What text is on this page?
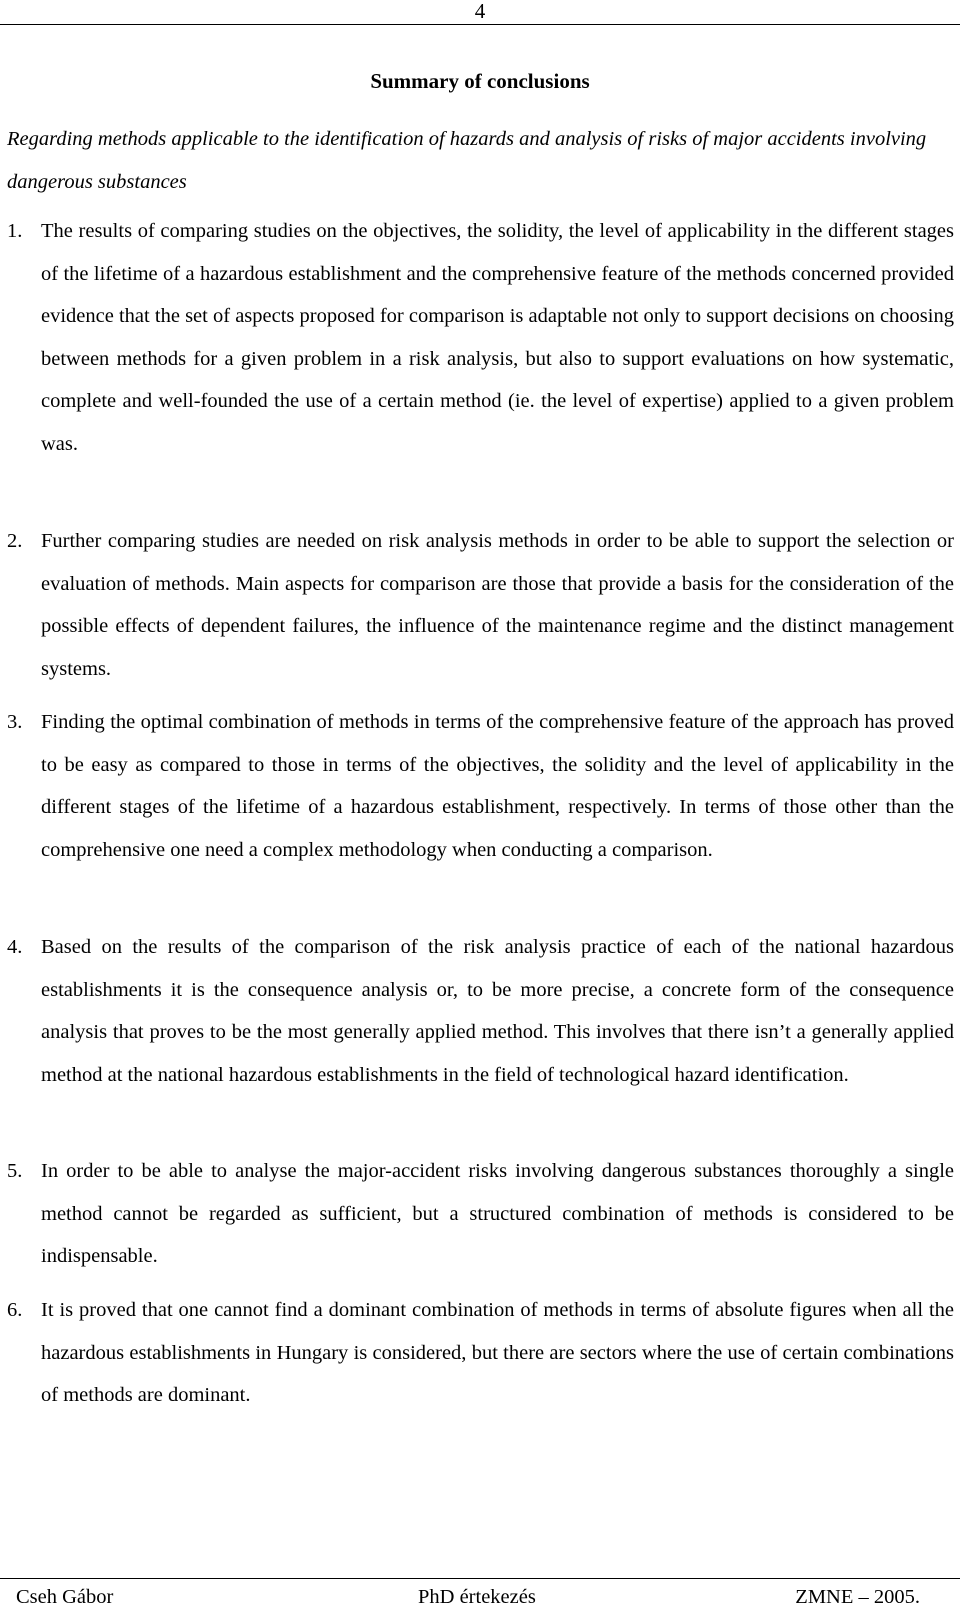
4
Summary of conclusions
Regarding methods applicable to the identification of hazards and analysis of risks of major accidents involving dangerous substances
1. The results of comparing studies on the objectives, the solidity, the level of applicability in the different stages of the lifetime of a hazardous establishment and the comprehensive feature of the methods concerned provided evidence that the set of aspects proposed for comparison is adaptable not only to support decisions on choosing between methods for a given problem in a risk analysis, but also to support evaluations on how systematic, complete and well-founded the use of a certain method (ie. the level of expertise) applied to a given problem was.
2. Further comparing studies are needed on risk analysis methods in order to be able to support the selection or evaluation of methods. Main aspects for comparison are those that provide a basis for the consideration of the possible effects of dependent failures, the influence of the maintenance regime and the distinct management systems.
3. Finding the optimal combination of methods in terms of the comprehensive feature of the approach has proved to be easy as compared to those in terms of the objectives, the solidity and the level of applicability in the different stages of the lifetime of a hazardous establishment, respectively. In terms of those other than the comprehensive one need a complex methodology when conducting a comparison.
4. Based on the results of the comparison of the risk analysis practice of each of the national hazardous establishments it is the consequence analysis or, to be more precise, a concrete form of the consequence analysis that proves to be the most generally applied method. This involves that there isn’t a generally applied method at the national hazardous establishments in the field of technological hazard identification.
5. In order to be able to analyse the major-accident risks involving dangerous substances thoroughly a single method cannot be regarded as sufficient, but a structured combination of methods is considered to be indispensable.
6. It is proved that one cannot find a dominant combination of methods in terms of absolute figures when all the hazardous establishments in Hungary is considered, but there are sectors where the use of certain combinations of methods are dominant.
Cseh Gábor	PhD értekezés	ZMNE – 2005.
